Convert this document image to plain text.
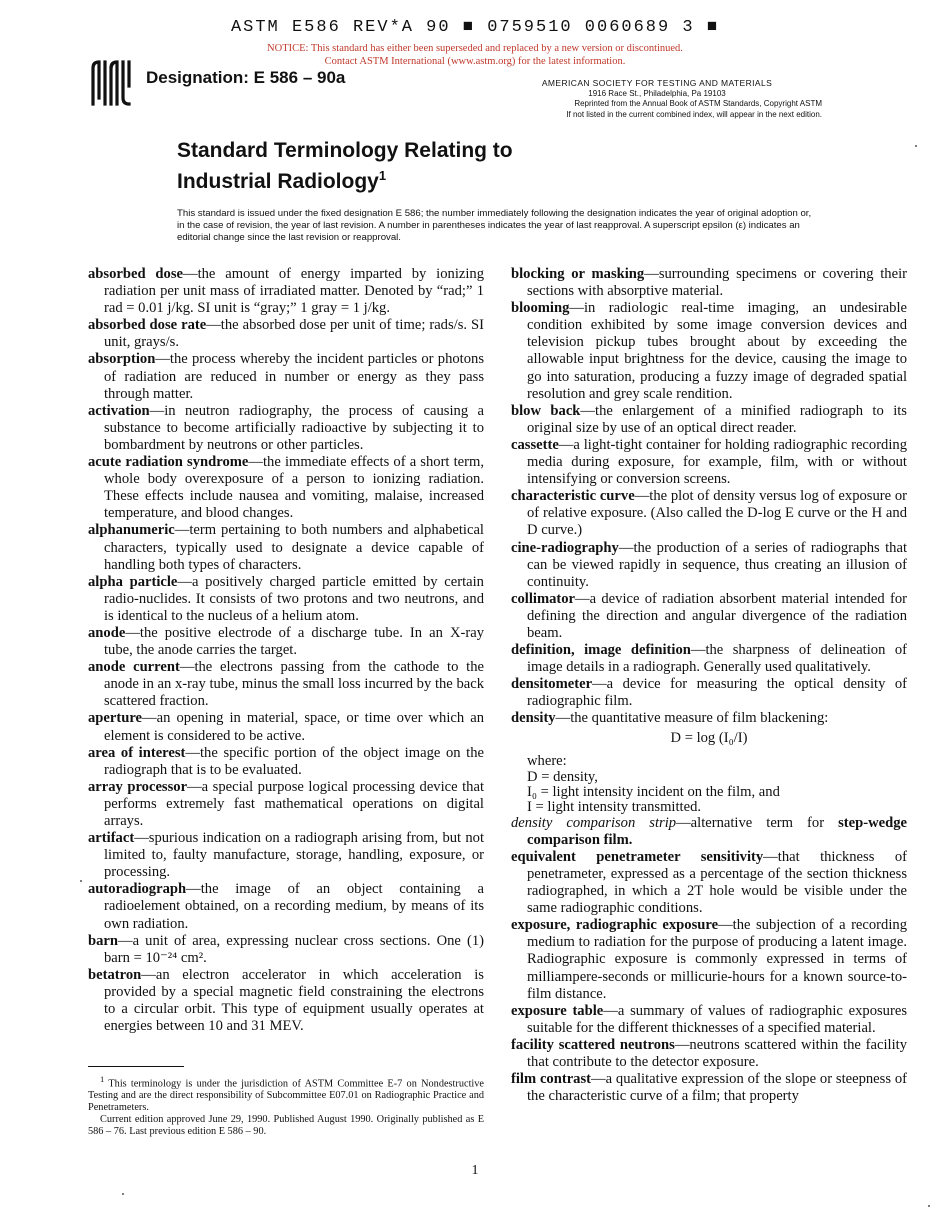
ASTM E586 REV*A 90 ■ 0759510 0060689 3 ■
NOTICE: This standard has either been superseded and replaced by a new version or discontinued.
Contact ASTM International (www.astm.org) for the latest information.
Designation: E 586 – 90a	AMERICAN SOCIETY FOR TESTING AND MATERIALS
1916 Race St., Philadelphia, Pa 19103
Reprinted from the Annual Book of ASTM Standards, Copyright ASTM
If not listed in the current combined index, will appear in the next edition.
Standard Terminology Relating to
Industrial Radiology$^1$
This standard is issued under the fixed designation E 586; the number immediately following the designation indicates the year of original adoption or, in the case of revision, the year of last revision. A number in parentheses indicates the year of last reapproval. A superscript epsilon (ε) indicates an editorial change since the last revision or reapproval.

absorbed dose—the amount of energy imparted by ionizing radiation per unit mass of irradiated matter. Denoted by “rad;” 1 rad = 0.01 j/kg. SI unit is “gray;” 1 gray = 1 j/kg.

absorbed dose rate—the absorbed dose per unit of time; rads/s. SI unit, grays/s.

absorption—the process whereby the incident particles or photons of radiation are reduced in number or energy as they pass through matter.

activation—in neutron radiography, the process of causing a substance to become artificially radioactive by subjecting it to bombardment by neutrons or other particles.

acute radiation syndrome—the immediate effects of a short term, whole body overexposure of a person to ionizing radiation. These effects include nausea and vomiting, malaise, increased temperature, and blood changes.

alphanumeric—term pertaining to both numbers and alphabetical characters, typically used to designate a device capable of handling both types of characters.

alpha particle—a positively charged particle emitted by certain radio-nuclides. It consists of two protons and two neutrons, and is identical to the nucleus of a helium atom.

anode—the positive electrode of a discharge tube. In an X-ray tube, the anode carries the target.

anode current—the electrons passing from the cathode to the anode in an x-ray tube, minus the small loss incurred by the back scattered fraction.

aperture—an opening in material, space, or time over which an element is considered to be active.

area of interest—the specific portion of the object image on the radiograph that is to be evaluated.

array processor—a special purpose logical processing device that performs extremely fast mathematical operations on digital arrays.

artifact—spurious indication on a radiograph arising from, but not limited to, faulty manufacture, storage, handling, exposure, or processing.

autoradiograph—the image of an object containing a radioelement obtained, on a recording medium, by means of its own radiation.

barn—a unit of area, expressing nuclear cross sections. One (1) barn = 10⁻²⁴ cm².

betatron—an electron accelerator in which acceleration is provided by a special magnetic field constraining the electrons to a circular orbit. This type of equipment usually operates at energies between 10 and 31 MEV.

blocking or masking—surrounding specimens or covering their sections with absorptive material.

blooming—in radiologic real-time imaging, an undesirable condition exhibited by some image conversion devices and television pickup tubes brought about by exceeding the allowable input brightness for the device, causing the image to go into saturation, producing a fuzzy image of degraded spatial resolution and grey scale rendition.

blow back—the enlargement of a minified radiograph to its original size by use of an optical direct reader.

cassette—a light-tight container for holding radiographic recording media during exposure, for example, film, with or without intensifying or conversion screens.

characteristic curve—the plot of density versus log of exposure or of relative exposure. (Also called the D-log E curve or the H and D curve.)

cine-radiography—the production of a series of radiographs that can be viewed rapidly in sequence, thus creating an illusion of continuity.

collimator—a device of radiation absorbent material intended for defining the direction and angular divergence of the radiation beam.

definition, image definition—the sharpness of delineation of image details in a radiograph. Generally used qualitatively.

densitometer—a device for measuring the optical density of radiographic film.

density—the quantitative measure of film blackening:

D = log (I₀/I)
where:
D = density,
I₀ = light intensity incident on the film, and
I = light intensity transmitted.

density comparison strip—alternative term for step-wedge comparison film.

equivalent penetrameter sensitivity—that thickness of penetrameter, expressed as a percentage of the section thickness radiographed, in which a 2T hole would be visible under the same radiographic conditions.

exposure, radiographic exposure—the subjection of a recording medium to radiation for the purpose of producing a latent image. Radiographic exposure is commonly expressed in terms of milliampere-seconds or millicurie-hours for a known source-to-film distance.

exposure table—a summary of values of radiographic exposures suitable for the different thicknesses of a specified material.

facility scattered neutrons—neutrons scattered within the facility that contribute to the detector exposure.

film contrast—a qualitative expression of the slope or steepness of the characteristic curve of a film; that property

$^1$ This terminology is under the jurisdiction of ASTM Committee E-7 on Nondestructive Testing and are the direct responsibility of Subcommittee E07.01 on Radiographic Practice and Penetrameters.

Current edition approved June 29, 1990. Published August 1990. Originally published as E 586 – 76. Last previous edition E 586 – 90.

1
